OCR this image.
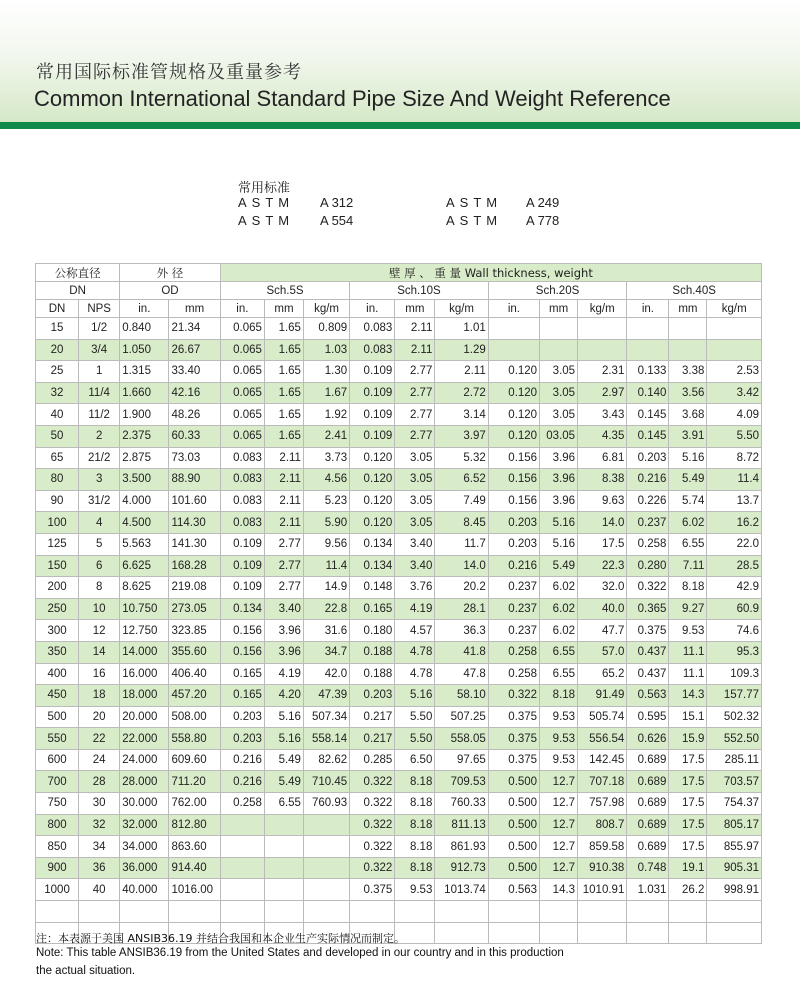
常用国际标准管规格及重量参考
Common International Standard Pipe Size And Weight Reference
常用标准
ASTM A 312
ASTM A 554
ASTM A 249
ASTM A 778
公称直径		外 径		壁 厚 、 重 量 Wall thickness, weight											
DN		OD		Sch.5S			Sch.10S			Sch.20S			Sch.40S		
DN	NPS	in.	mm	in.	mm	kg/m	in.	mm	kg/m	in.	mm	kg/m	in.	mm	kg/m
15	1/2	0.840	21.34	0.065	1.65	0.809	0.083	2.11	1.01						
20	3/4	1.050	26.67	0.065	1.65	1.03	0.083	2.11	1.29						
25	1	1.315	33.40	0.065	1.65	1.30	0.109	2.77	2.11	0.120	3.05	2.31	0.133	3.38	2.53
32	11/4	1.660	42.16	0.065	1.65	1.67	0.109	2.77	2.72	0.120	3.05	2.97	0.140	3.56	3.42
40	11/2	1.900	48.26	0.065	1.65	1.92	0.109	2.77	3.14	0.120	3.05	3.43	0.145	3.68	4.09
50	2	2.375	60.33	0.065	1.65	2.41	0.109	2.77	3.97	0.120	03.05	4.35	0.145	3.91	5.50
65	21/2	2.875	73.03	0.083	2.11	3.73	0.120	3.05	5.32	0.156	3.96	6.81	0.203	5.16	8.72
80	3	3.500	88.90	0.083	2.11	4.56	0.120	3.05	6.52	0.156	3.96	8.38	0.216	5.49	11.4
90	31/2	4.000	101.60	0.083	2.11	5.23	0.120	3.05	7.49	0.156	3.96	9.63	0.226	5.74	13.7
100	4	4.500	114.30	0.083	2.11	5.90	0.120	3.05	8.45	0.203	5.16	14.0	0.237	6.02	16.2
125	5	5.563	141.30	0.109	2.77	9.56	0.134	3.40	11.7	0.203	5.16	17.5	0.258	6.55	22.0
150	6	6.625	168.28	0.109	2.77	11.4	0.134	3.40	14.0	0.216	5.49	22.3	0.280	7.11	28.5
200	8	8.625	219.08	0.109	2.77	14.9	0.148	3.76	20.2	0.237	6.02	32.0	0.322	8.18	42.9
250	10	10.750	273.05	0.134	3.40	22.8	0.165	4.19	28.1	0.237	6.02	40.0	0.365	9.27	60.9
300	12	12.750	323.85	0.156	3.96	31.6	0.180	4.57	36.3	0.237	6.02	47.7	0.375	9.53	74.6
350	14	14.000	355.60	0.156	3.96	34.7	0.188	4.78	41.8	0.258	6.55	57.0	0.437	11.1	95.3
400	16	16.000	406.40	0.165	4.19	42.0	0.188	4.78	47.8	0.258	6.55	65.2	0.437	11.1	109.3
450	18	18.000	457.20	0.165	4.20	47.39	0.203	5.16	58.10	0.322	8.18	91.49	0.563	14.3	157.77
500	20	20.000	508.00	0.203	5.16	507.34	0.217	5.50	507.25	0.375	9.53	505.74	0.595	15.1	502.32
550	22	22.000	558.80	0.203	5.16	558.14	0.217	5.50	558.05	0.375	9.53	556.54	0.626	15.9	552.50
600	24	24.000	609.60	0.216	5.49	82.62	0.285	6.50	97.65	0.375	9.53	142.45	0.689	17.5	285.11
700	28	28.000	711.20	0.216	5.49	710.45	0.322	8.18	709.53	0.500	12.7	707.18	0.689	17.5	703.57
750	30	30.000	762.00	0.258	6.55	760.93	0.322	8.18	760.33	0.500	12.7	757.98	0.689	17.5	754.37
800	32	32.000	812.80				0.322	8.18	811.13	0.500	12.7	808.7	0.689	17.5	805.17
850	34	34.000	863.60				0.322	8.18	861.93	0.500	12.7	859.58	0.689	17.5	855.97
900	36	36.000	914.40				0.322	8.18	912.73	0.500	12.7	910.38	0.748	19.1	905.31
1000	40	40.000	1016.00				0.375	9.53	1013.74	0.563	14.3	1010.91	1.031	26.2	998.91

注：本表源于美国 ANSIB36.19 并结合我国和本企业生产实际情况而制定。
Note: This table ANSIB36.19 from the United States and developed in our country and in this production
the actual situation.
